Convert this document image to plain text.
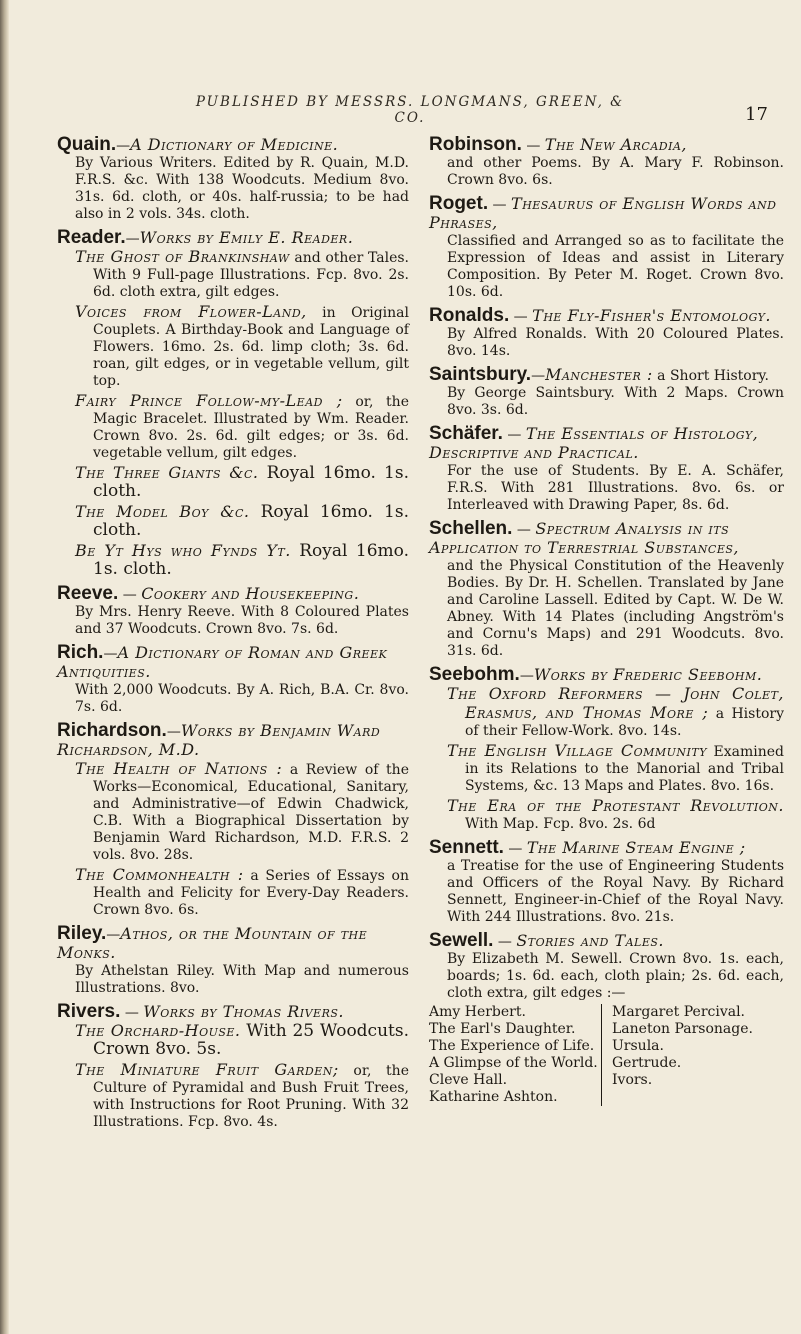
PUBLISHED BY MESSRS. LONGMANS, GREEN, & CO.	17
Quain.—A Dictionary of Medicine.
By Various Writers. Edited by R. Quain, M.D. F.R.S. &c. With 138 Woodcuts. Medium 8vo. 31s. 6d. cloth, or 40s. half-russia; to be had also in 2 vols. 34s. cloth.
Reader.—Works by Emily E. Reader.
The Ghost of Brankinshaw and other Tales. With 9 Full-page Illustrations. Fcp. 8vo. 2s. 6d. cloth extra, gilt edges.
Voices from Flower-Land, in Original Couplets. A Birthday-Book and Language of Flowers. 16mo. 2s. 6d. limp cloth; 3s. 6d. roan, gilt edges, or in vegetable vellum, gilt top.
Fairy Prince Follow-my-Lead ; or, the Magic Bracelet. Illustrated by Wm. Reader. Crown 8vo. 2s. 6d. gilt edges; or 3s. 6d. vegetable vellum, gilt edges.
The Three Giants &c. Royal 16mo. 1s. cloth.
The Model Boy &c. Royal 16mo. 1s. cloth.
Be Yt Hys who Fynds Yt. Royal 16mo. 1s. cloth.
Reeve. — Cookery and Housekeeping.
By Mrs. Henry Reeve. With 8 Coloured Plates and 37 Woodcuts. Crown 8vo. 7s. 6d.
Rich.—A Dictionary of Roman and Greek Antiquities.
With 2,000 Woodcuts. By A. Rich, B.A. Cr. 8vo. 7s. 6d.
Richardson.—Works by Benjamin Ward Richardson, M.D.
The Health of Nations : a Review of the Works—Economical, Educational, Sanitary, and Administrative—of Edwin Chadwick, C.B. With a Biographical Dissertation by Benjamin Ward Richardson, M.D. F.R.S. 2 vols. 8vo. 28s.
The Commonhealth : a Series of Essays on Health and Felicity for Every-Day Readers. Crown 8vo. 6s.
Riley.—Athos, or the Mountain of the Monks.
By Athelstan Riley. With Map and numerous Illustrations. 8vo.
Rivers. — Works by Thomas Rivers.
The Orchard-House. With 25 Woodcuts. Crown 8vo. 5s.
The Miniature Fruit Garden; or, the Culture of Pyramidal and Bush Fruit Trees, with Instructions for Root Pruning. With 32 Illustrations. Fcp. 8vo. 4s.
Robinson. — The New Arcadia,
and other Poems. By A. Mary F. Robinson. Crown 8vo. 6s.
Roget. — Thesaurus of English Words and Phrases,
Classified and Arranged so as to facilitate the Expression of Ideas and assist in Literary Composition. By Peter M. Roget. Crown 8vo. 10s. 6d.
Ronalds. — The Fly-Fisher's Entomology.
By Alfred Ronalds. With 20 Coloured Plates. 8vo. 14s.
Saintsbury.—Manchester : a Short History.
By George Saintsbury. With 2 Maps. Crown 8vo. 3s. 6d.
Schäfer. — The Essentials of Histology, Descriptive and Practical.
For the use of Students. By E. A. Schäfer, F.R.S. With 281 Illustrations. 8vo. 6s. or Interleaved with Drawing Paper, 8s. 6d.
Schellen. — Spectrum Analysis in its Application to Terrestrial Substances,
and the Physical Constitution of the Heavenly Bodies. By Dr. H. Schellen. Translated by Jane and Caroline Lassell. Edited by Capt. W. De W. Abney. With 14 Plates (including Angström's and Cornu's Maps) and 291 Woodcuts. 8vo. 31s. 6d.
Seebohm.—Works by Frederic Seebohm.
The Oxford Reformers — John Colet, Erasmus, and Thomas More ; a History of their Fellow-Work. 8vo. 14s.
The English Village Community Examined in its Relations to the Manorial and Tribal Systems, &c. 13 Maps and Plates. 8vo. 16s.
The Era of the Protestant Revolution. With Map. Fcp. 8vo. 2s. 6d
Sennett. — The Marine Steam Engine ;
a Treatise for the use of Engineering Students and Officers of the Royal Navy. By Richard Sennett, Engineer-in-Chief of the Royal Navy. With 244 Illustrations. 8vo. 21s.
Sewell. — Stories and Tales.
By Elizabeth M. Sewell. Crown 8vo. 1s. each, boards; 1s. 6d. each, cloth plain; 2s. 6d. each, cloth extra, gilt edges :—
Amy Herbert.
The Earl's Daughter.
The Experience of Life.
A Glimpse of the World.
Cleve Hall.
Katharine Ashton.
Margaret Percival.
Laneton Parsonage.
Ursula.
Gertrude.
Ivors.
